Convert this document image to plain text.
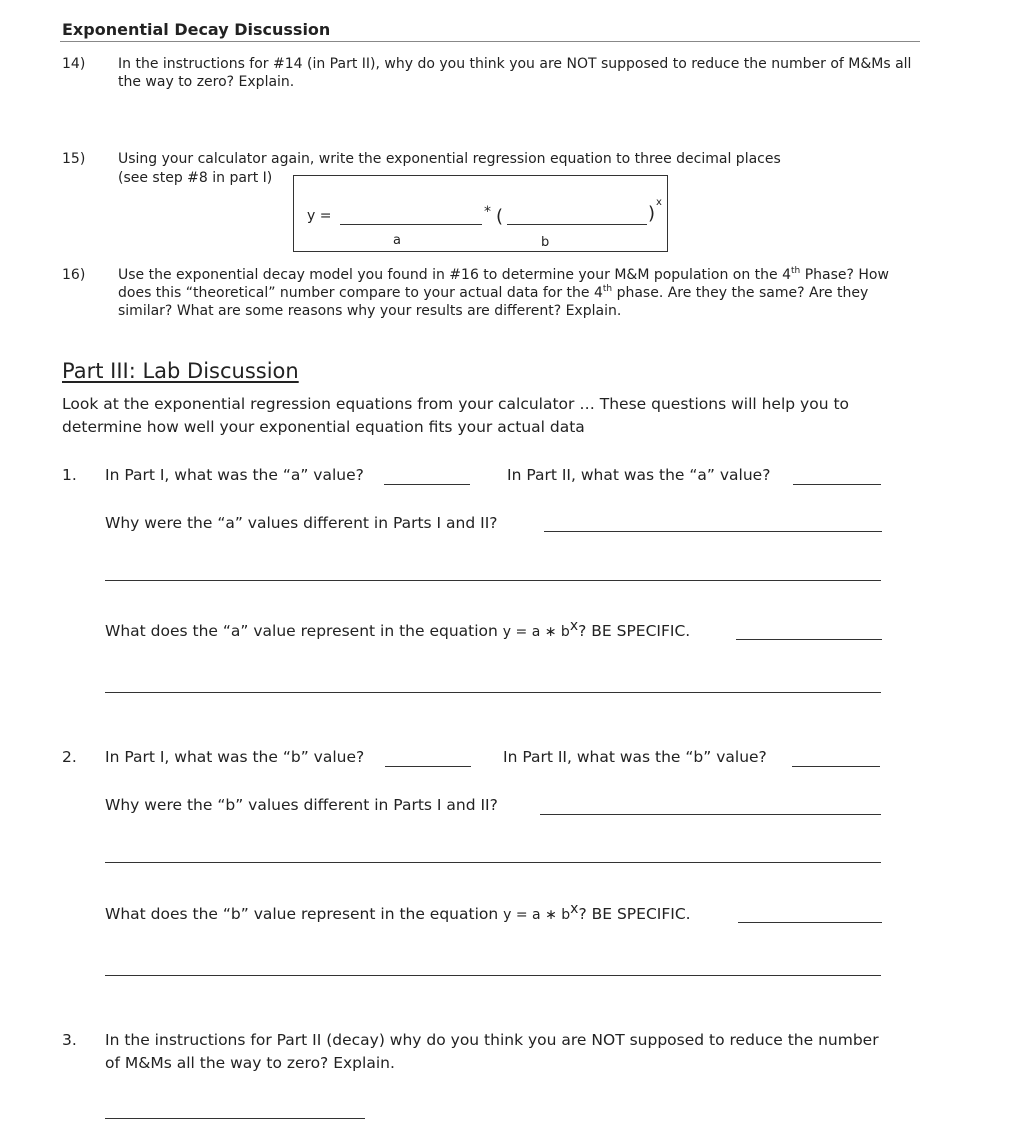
Exponential Decay Discussion
14) In the instructions for #14 (in Part II), why do you think you are NOT supposed to reduce the number of M&Ms all the way to zero? Explain.
15) Using your calculator again, write the exponential regression equation to three decimal places
(see step #8 in part I)
y =	* (	)
x
a	b
16) Use the exponential decay model you found in #16 to determine your M&M population on the 4th Phase? How does this “theoretical” number compare to your actual data for the 4th phase. Are they the same? Are they similar? What are some reasons why your results are different? Explain.
Part III: Lab Discussion
Look at the exponential regression equations from your calculator … These questions will help you to determine how well your exponential equation fits your actual data
1. In Part I, what was the “a” value?	In Part II, what was the “a” value?
Why were the “a” values different in Parts I and II?
What does the “a” value represent in the equation y = a ∗ $b^x$? BE SPECIFIC.
2. In Part I, what was the “b” value?	In Part II, what was the “b” value?
Why were the “b” values different in Parts I and II?
What does the “b” value represent in the equation y = a ∗ $b^x$? BE SPECIFIC.
3. In the instructions for Part II (decay) why do you think you are NOT supposed to reduce the number of M&Ms all the way to zero? Explain.
